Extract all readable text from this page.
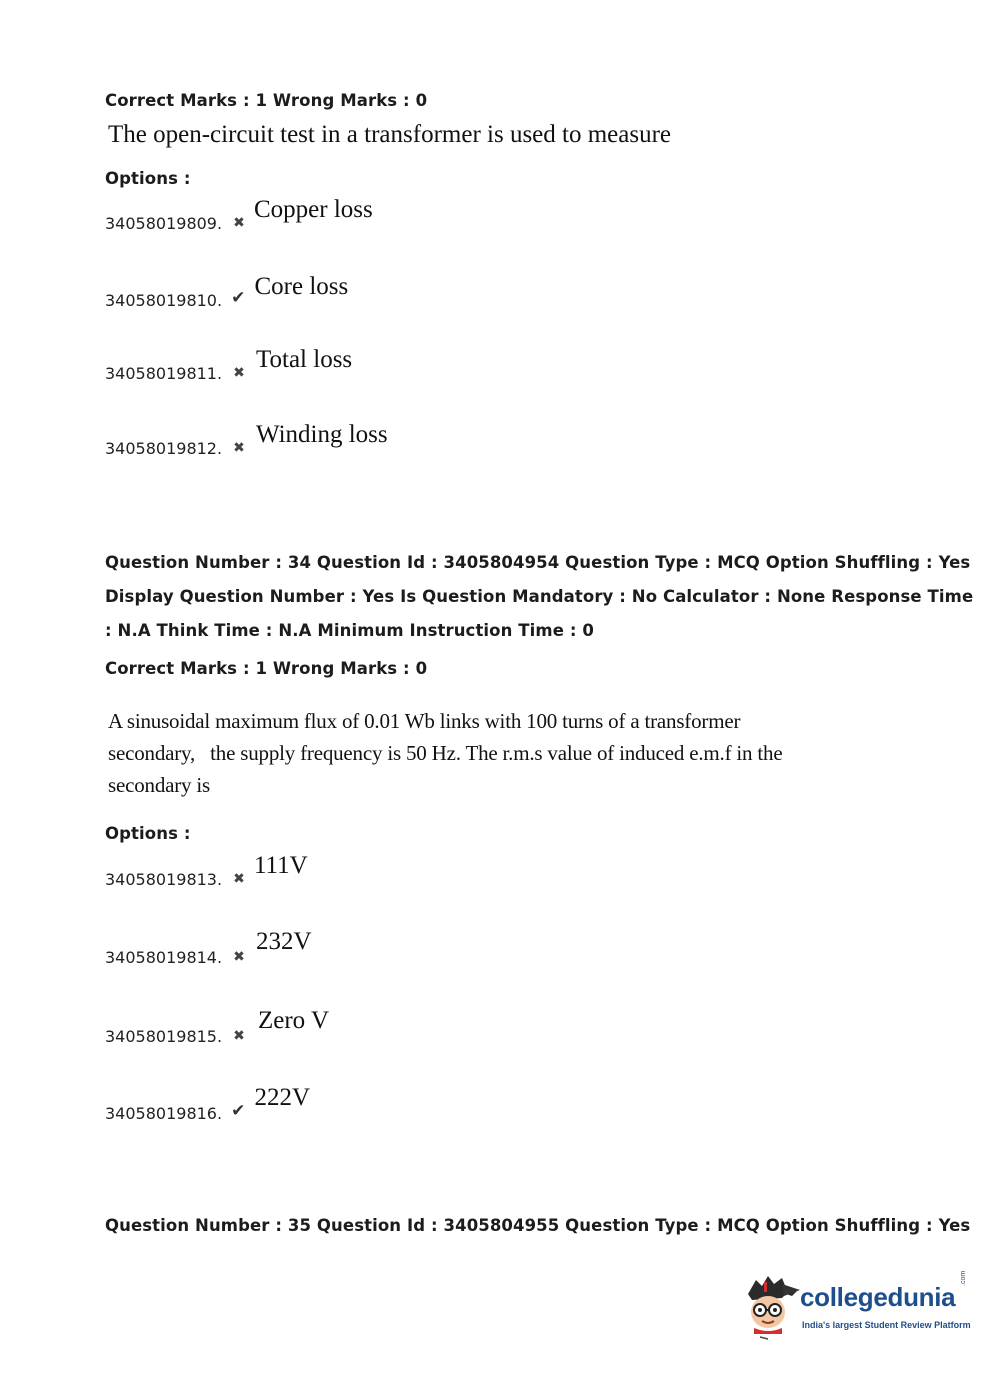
Correct Marks : 1 Wrong Marks : 0
The open-circuit test in a transformer is used to measure
Options :
34058019809. ✖ Copper loss
34058019810. ✔ Core loss
34058019811. ✖ Total loss
34058019812. ✖ Winding loss
Question Number : 34 Question Id : 3405804954 Question Type : MCQ Option Shuffling : Yes
Display Question Number : Yes Is Question Mandatory : No Calculator : None Response Time
: N.A Think Time : N.A Minimum Instruction Time : 0
Correct Marks : 1 Wrong Marks : 0
A sinusoidal maximum flux of 0.01 Wb links with 100 turns of a transformer
secondary,   the supply frequency is 50 Hz. The r.m.s value of induced e.m.f in the
secondary is
Options :
34058019813. ✖ 111V
34058019814. ✖ 232V
34058019815. ✖ Zero V
34058019816. ✔ 222V
Question Number : 35 Question Id : 3405804955 Question Type : MCQ Option Shuffling : Yes
collegedunia
.com
India's largest Student Review Platform
